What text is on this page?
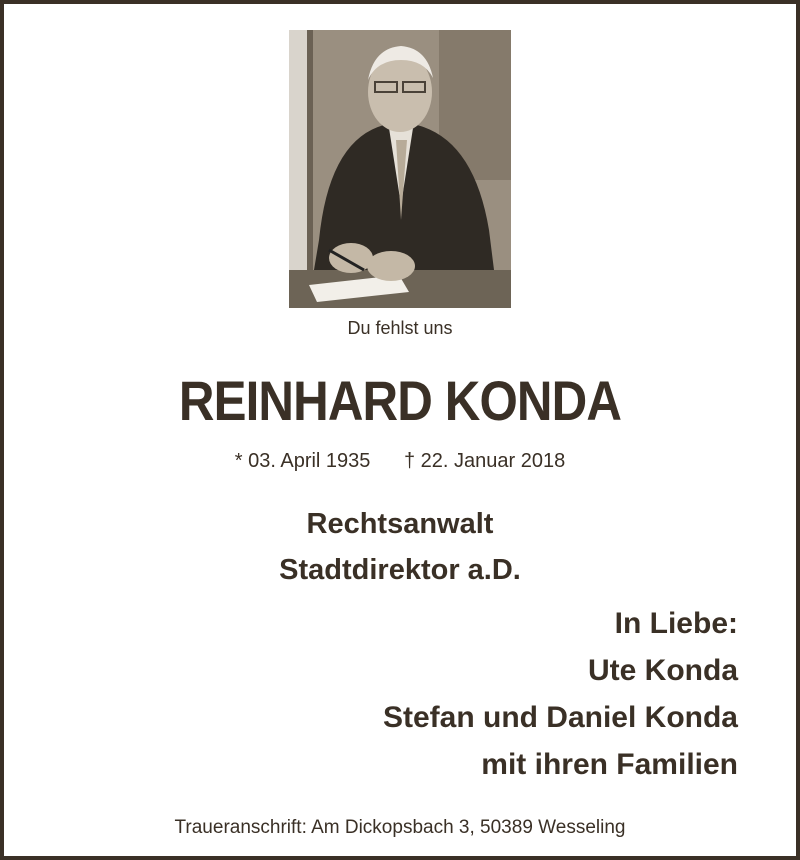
Du fehlst uns
REINHARD KONDA
* 03. April 1935 † 22. Januar 2018
Rechtsanwalt
Stadtdirektor a.D.
In Liebe:
Ute Konda
Stefan und Daniel Konda
mit ihren Familien
Traueranschrift: Am Dickopsbach 3, 50389 Wesseling
